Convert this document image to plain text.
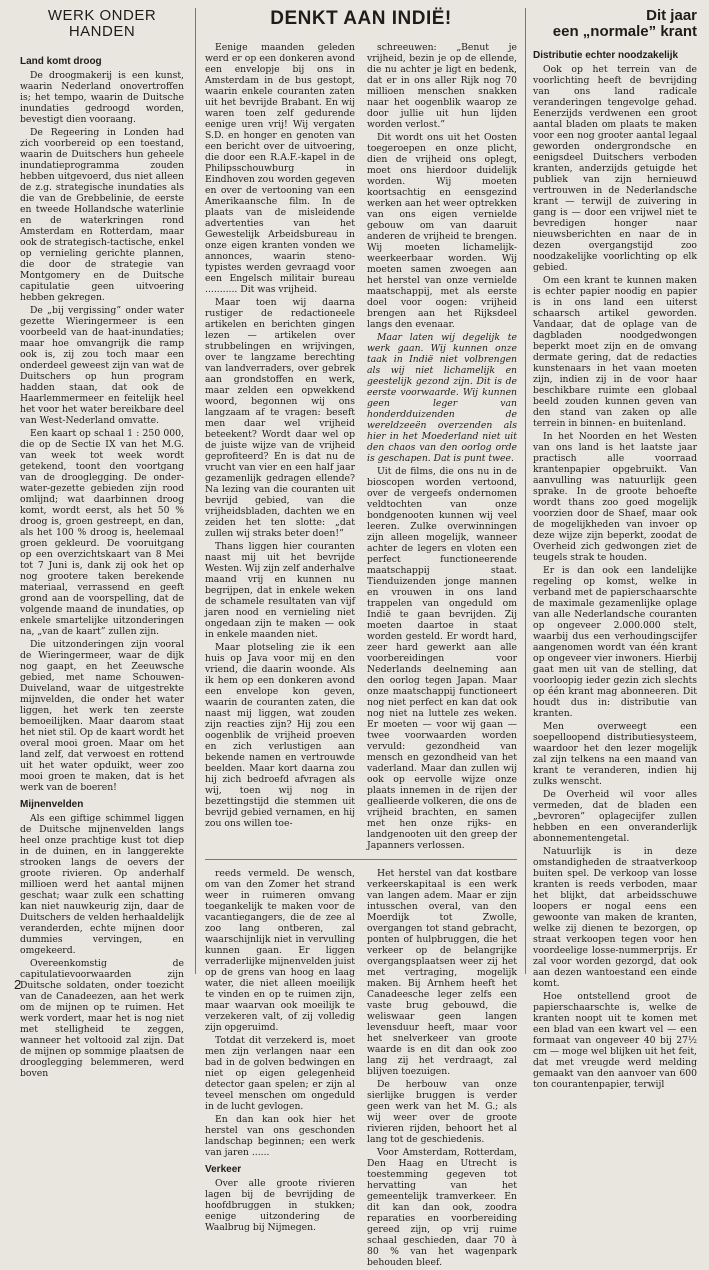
WERK ONDER HANDEN
Land komt droog

De droogmakerij is een kunst, waarin Nederland onovertroffen is; het tempo, waarin de Duitsche inundaties gedroogd worden, bevestigt dien vooraang.

De Regeering in Londen had zich voorbereid op een toestand, waarin de Duitschers hun geheele inundatieprogramma zouden hebben uitgevoerd, dus niet alleen de z.g. strategische inundaties als die van de Grebbelinie, de eerste en tweede Hollandsche waterlinie en de waterkringen rond Amsterdam en Rotterdam, maar ook de strategisch-tactische, enkel op vernieling gerichte plannen, die door de strategie van Montgomery en de Duitsche capitulatie geen uitvoering hebben gekregen.

De „bij vergissing” onder water gezette Wieringermeer is een voorbeeld van de haat-inundaties; maar hoe omvangrijk die ramp ook is, zij zou toch maar een onderdeel geweest zijn van wat de Duitschers op hun program hadden staan, dat ook de Haarlemmermeer en feitelijk heel het voor het water bereikbare deel van West-Nederland omvatte.

Een kaart op schaal 1 : 250 000, die op de Sectie IX van het M.G. van week tot week wordt getekend, toont den voortgang van de drooglegging. De onder-water-gezette gebieden zijn rood omlijnd; wat daarbinnen droog komt, wordt eerst, als het 50 % droog is, groen gestreept, en dan, als het 100 % droog is, heelemaal groen gekleurd. De vooruitgang op een overzichtskaart van 8 Mei tot 7 Juni is, dank zij ook het op nog grootere taken berekende materiaal, verrassend en geeft grond aan de voorspelling, dat de volgende maand de inundaties, op enkele smartelijke uitzonderingen na, „van de kaart” zullen zijn.

Die uitzonderingen zijn vooral de Wieringermeer, waar de dijk nog gaapt, en het Zeeuwsche gebied, met name Schouwen-Duiveland, waar de uitgestrekte mijnvelden, die onder het water liggen, het werk ten zeerste bemoeilijken. Maar daarom staat het niet stil. Op de kaart wordt het overal mooi groen. Maar om het land zelf, dat verwoest en rottend uit het water opduikt, weer zoo mooi groen te maken, dat is het werk van de boeren!

Mijnenvelden

Als een giftige schimmel liggen de Duitsche mijnenvelden langs heel onze prachtige kust tot diep in de duinen, en in langgerekte strooken langs de oevers der groote rivieren. Op anderhalf millioen werd het aantal mijnen geschat; waar zulk een schatting kan niet nauwkeurig zijn, daar de Duitschers de velden herhaaldelijk veranderden, echte mijnen door dummies vervingen, en omgekeerd.

Overeenkomstig de capitulatievoorwaarden zijn Duitsche soldaten, onder toezicht van de Canadeezen, aan het werk om de mijnen op te ruimen. Het werk vordert, maar het is nog niet met stelligheid te zeggen, wanneer het voltooid zal zijn. Dat de mijnen op sommige plaatsen de drooglegging belemmeren, werd boven

DENKT AAN INDIË!

Eenige maanden geleden werd er op een donkeren avond een envelopje bij ons in Amsterdam in de bus gestopt, waarin enkele couranten zaten uit het bevrijde Brabant. En wij waren toen zelf gedurende eenige uren vrij! Wij vergaten S.D. en honger en genoten van een bericht over de uitvoering, die door een R.A.F.-kapel in de Philipsschouwburg in Eindhoven zou worden gegeven en over de vertooning van een Amerikaansche film. In de plaats van de misleidende advertenties van het Gewestelijk Arbeidsbureau in onze eigen kranten vonden we annonces, waarin steno-typistes werden gevraagd voor een Engelsch militair bureau ........... Dit was vrijheid.

Maar toen wij daarna rustiger de redactioneele artikelen en berichten gingen lezen — artikelen over strubbelingen en wrijvingen, over te langzame berechting van landverraders, over gebrek aan grondstoffen en werk, maar zelden een opwekkend woord, begonnen wij ons langzaam af te vragen: beseft men daar wel vrijheid beteekent? Wordt daar wel op de juiste wijze van de vrijheid geprofiteerd? En is dat nu de vrucht van vier en een half jaar gezamenlijk gedragen ellende? Na lezing van die couranten uit bevrijd gebied, van die vrijheidsbladen, dachten we en zeiden het ten slotte: „dat zullen wij straks beter doen!”

Thans liggen hier couranten naast mij uit het bevrijde Westen. Wij zijn zelf anderhalve maand vrij en kunnen nu begrijpen, dat in enkele weken de schamele resultaten van vijf jaren nood en vernieling niet ongedaan zijn te maken — ook in enkele maanden niet.

Maar plotseling zie ik een huis op Java voor mij en den vriend, die daarin woonde. Als ik hem op een donkeren avond een envelope kon geven, waarin de couranten zaten, die naast mij liggen, wat zouden zijn reacties zijn? Hij zou een oogenblik de vrijheid proeven en zich verlustigen aan bekende namen en vertrouwde beelden. Maar kort daarna zou hij zich bedroefd afvragen als wij, toen wij nog in bezettingstijd die stemmen uit bevrijd gebied vernamen, en hij zou ons willen toe-

schreeuwen: „Benut je vrijheid, bezin je op de ellende, die nu achter je ligt en bedenk, dat er in ons aller Rijk nog 70 millioen menschen snakken naar het oogenblik waarop ze door jullie uit hun lijden worden verlost.”

Dit wordt ons uit het Oosten toegeroepen en onze plicht, dien de vrijheid ons oplegt, moet ons hierdoor duidelijk worden. Wij moeten koortsachtig en eensgezind werken aan het weer optrekken van ons eigen vernielde gebouw om van daaruit anderen de vrijheid te brengen. Wij moeten lichamelijk-weerkeerbaar worden. Wij moeten samen zwoegen aan het herstel van onze vernielde maatschappij, met als eerste doel voor oogen: vrijheid brengen aan het Rijksdeel langs den evenaar.

Maar laten wij degelijk te werk gaan. Wij kunnen onze taak in Indië niet volbrengen als wij niet lichamelijk en geestelijk gezond zijn. Dit is de eerste voorwaarde. Wij kunnen geen leger van honderdduizenden de wereldzeeën overzenden als hier in het Moederland niet uit den chaos van den oorlog orde is geschapen. Dat is punt twee.

Uit de films, die ons nu in de bioscopen worden vertoond, over de vergeefs ondernomen veldtochten van onze bondgenooten kunnen wij veel leeren. Zulke overwinningen zijn alleen mogelijk, wanneer achter de legers en vloten een perfect functioneerende maatschappij staat. Tienduizenden jonge mannen en vrouwen in ons land trappelen van ongeduld om Indië te gaan bevrijden. Zij moeten daartoe in staat worden gesteld. Er wordt hard, zeer hard gewerkt aan alle voorbereidingen voor Nederlands deelneming aan den oorlog tegen Japan. Maar onze maatschappij functioneert nog niet perfect en kan dat ook nog niet na luttele zes weken. Er moeten — voor wij gaan — twee voorwaarden worden vervuld: gezondheid van mensch en gezondheid van het vaderland. Maar dan zullen wij ook op eervolle wijze onze plaats innemen in de rijen der geallieerde volkeren, die ons de vrijheid brachten, en samen met hen onze rijks- en landgenooten uit den greep der Japanners verlossen.

reeds vermeld. De wensch, om van den Zomer het strand weer in ruimeren omvang toegankelijk te maken voor de vacantiegangers, die de zee al zoo lang ontberen, zal waarschijnlijk niet in vervulling kunnen gaan. Er liggen verraderlijke mijnenvelden juist op de grens van hoog en laag water, die niet alleen moeilijk te vinden en op te ruimen zijn, maar waarvan ook moeilijk te verzekeren valt, of zij volledig zijn opgeruimd.

Totdat dit verzekerd is, moet men zijn verlangen naar een bad in de golven bedwingen en niet op eigen gelegenheid detector gaan spelen; er zijn al teveel menschen om ongeduld in de lucht gevlogen.

En dan kan ook hier het herstel van ons geschonden landschap beginnen; een werk van jaren ......

Verkeer

Over alle groote rivieren lagen bij de bevrijding de hoofdbruggen in stukken; eenige uitzondering de Waalbrug bij Nijmegen.

Het herstel van dat kostbare verkeerskapitaal is een werk van langen adem. Maar er zijn intusschen overal, van den Moerdijk tot Zwolle, overgangen tot stand gebracht, ponten of hulpbruggen, die het verkeer op de belangrijke overgangsplaatsen weer zij het met vertraging, mogelijk maken. Bij Arnhem heeft het Canadeesche leger zelfs een vaste brug gebouwd, die weliswaar geen langen levensduur heeft, maar voor het snelverkeer van groote waarde is en dit dan ook zoo lang zij het verdraagt, zal blijven toezuigen.

De herbouw van onze sierlijke bruggen is verder geen werk van het M. G.; als wij weer over de groote rivieren rijden, behoort het al lang tot de geschiedenis.

Voor Amsterdam, Rotterdam, Den Haag en Utrecht is toestemming gegeven tot hervatting van het gemeentelijk tramverkeer. En dit kan dan ook, zoodra reparaties en voorbereiding gereed zijn, op vrij ruime schaal geschieden, daar 70 à 80 % van het wagenpark behouden bleef.

Dit jaar
een „normale” krant
Distributie echter noodzakelijk

Ook op het terrein van de voorlichting heeft de bevrijding van ons land radicale veranderingen tengevolge gehad. Eenerzijds verdwenen een groot aantal bladen om plaats te maken voor een nog grooter aantal legaal geworden ondergrondsche en eenigsdeel Duitschers verboden kranten, anderzijds getuigde het publiek van zijn hernieuwd vertrouwen in de Nederlandsche krant — terwijl de zuivering in gang is — door een vrijwel niet te bevredigen honger naar nieuwsberichten en naar de in dezen overgangstijd zoo noodzakelijke voorlichting op elk gebied.

Om een krant te kunnen maken is echter papier noodig en papier is in ons land een uiterst schaarsch artikel geworden. Vandaar, dat de oplage van de dagbladen noodgedwongen beperkt moet zijn en de omvang dermate gering, dat de redacties kunstenaars in het vaan moeten zijn, indien zij in de voor haar beschikbare ruimte een globaal beeld zouden kunnen geven van den stand van zaken op alle terrein in binnen- en buitenland.

In het Noorden en het Westen van ons land is het laatste jaar practisch alle voorraad krantenpapier opgebruikt. Van aanvulling was natuurlijk geen sprake. In de groote behoefte wordt thans zoo goed mogelijk voorzien door de Shaef, maar ook de mogelijkheden van invoer op deze wijze zijn beperkt, zoodat de Overheid zich gedwongen ziet de teugels strak te houden.

Er is dan ook een landelijke regeling op komst, welke in verband met de papierschaarschte de maximale gezamenlijke oplage van alle Nederlandsche couranten op ongeveer 2.000.000 stelt, waarbij dus een verhoudingscijfer aangenomen wordt van één krant op ongeveer vier inwoners. Hierbij gaat men uit van de stelling, dat voorloopig ieder gezin zich slechts op één krant mag abonneeren. Dit houdt dus in: distributie van kranten.

Men overweegt een soepelloopend distributiesysteem, waardoor het den lezer mogelijk zal zijn telkens na een maand van krant te veranderen, indien hij zulks wenscht.

De Overheid wil voor alles vermeden, dat de bladen een „bevroren” oplagecijfer zullen hebben en een onveranderlijk abonnementengetal.

Natuurlijk is in deze omstandigheden de straatverkoop buiten spel. De verkoop van losse kranten is reeds verboden, maar het blijkt, dat arbeidsschuwe loopers er nogal eens een gewoonte van maken de kranten, welke zij dienen te bezorgen, op straat verkoopen tegen voor hen voordeelige losse-nummerprijs. Er zal voor worden gezorgd, dat ook aan dezen wantoestand een einde komt.

Hoe ontstellend groot de papierschaarschte is, welke de kranten noopt uit te komen met een blad van een kwart vel — een formaat van ongeveer 40 bij 27½ cm — moge wel blijken uit het feit, dat met vreugde werd melding gemaakt van den aanvoer van 600 ton courantenpapier, terwijl

2
